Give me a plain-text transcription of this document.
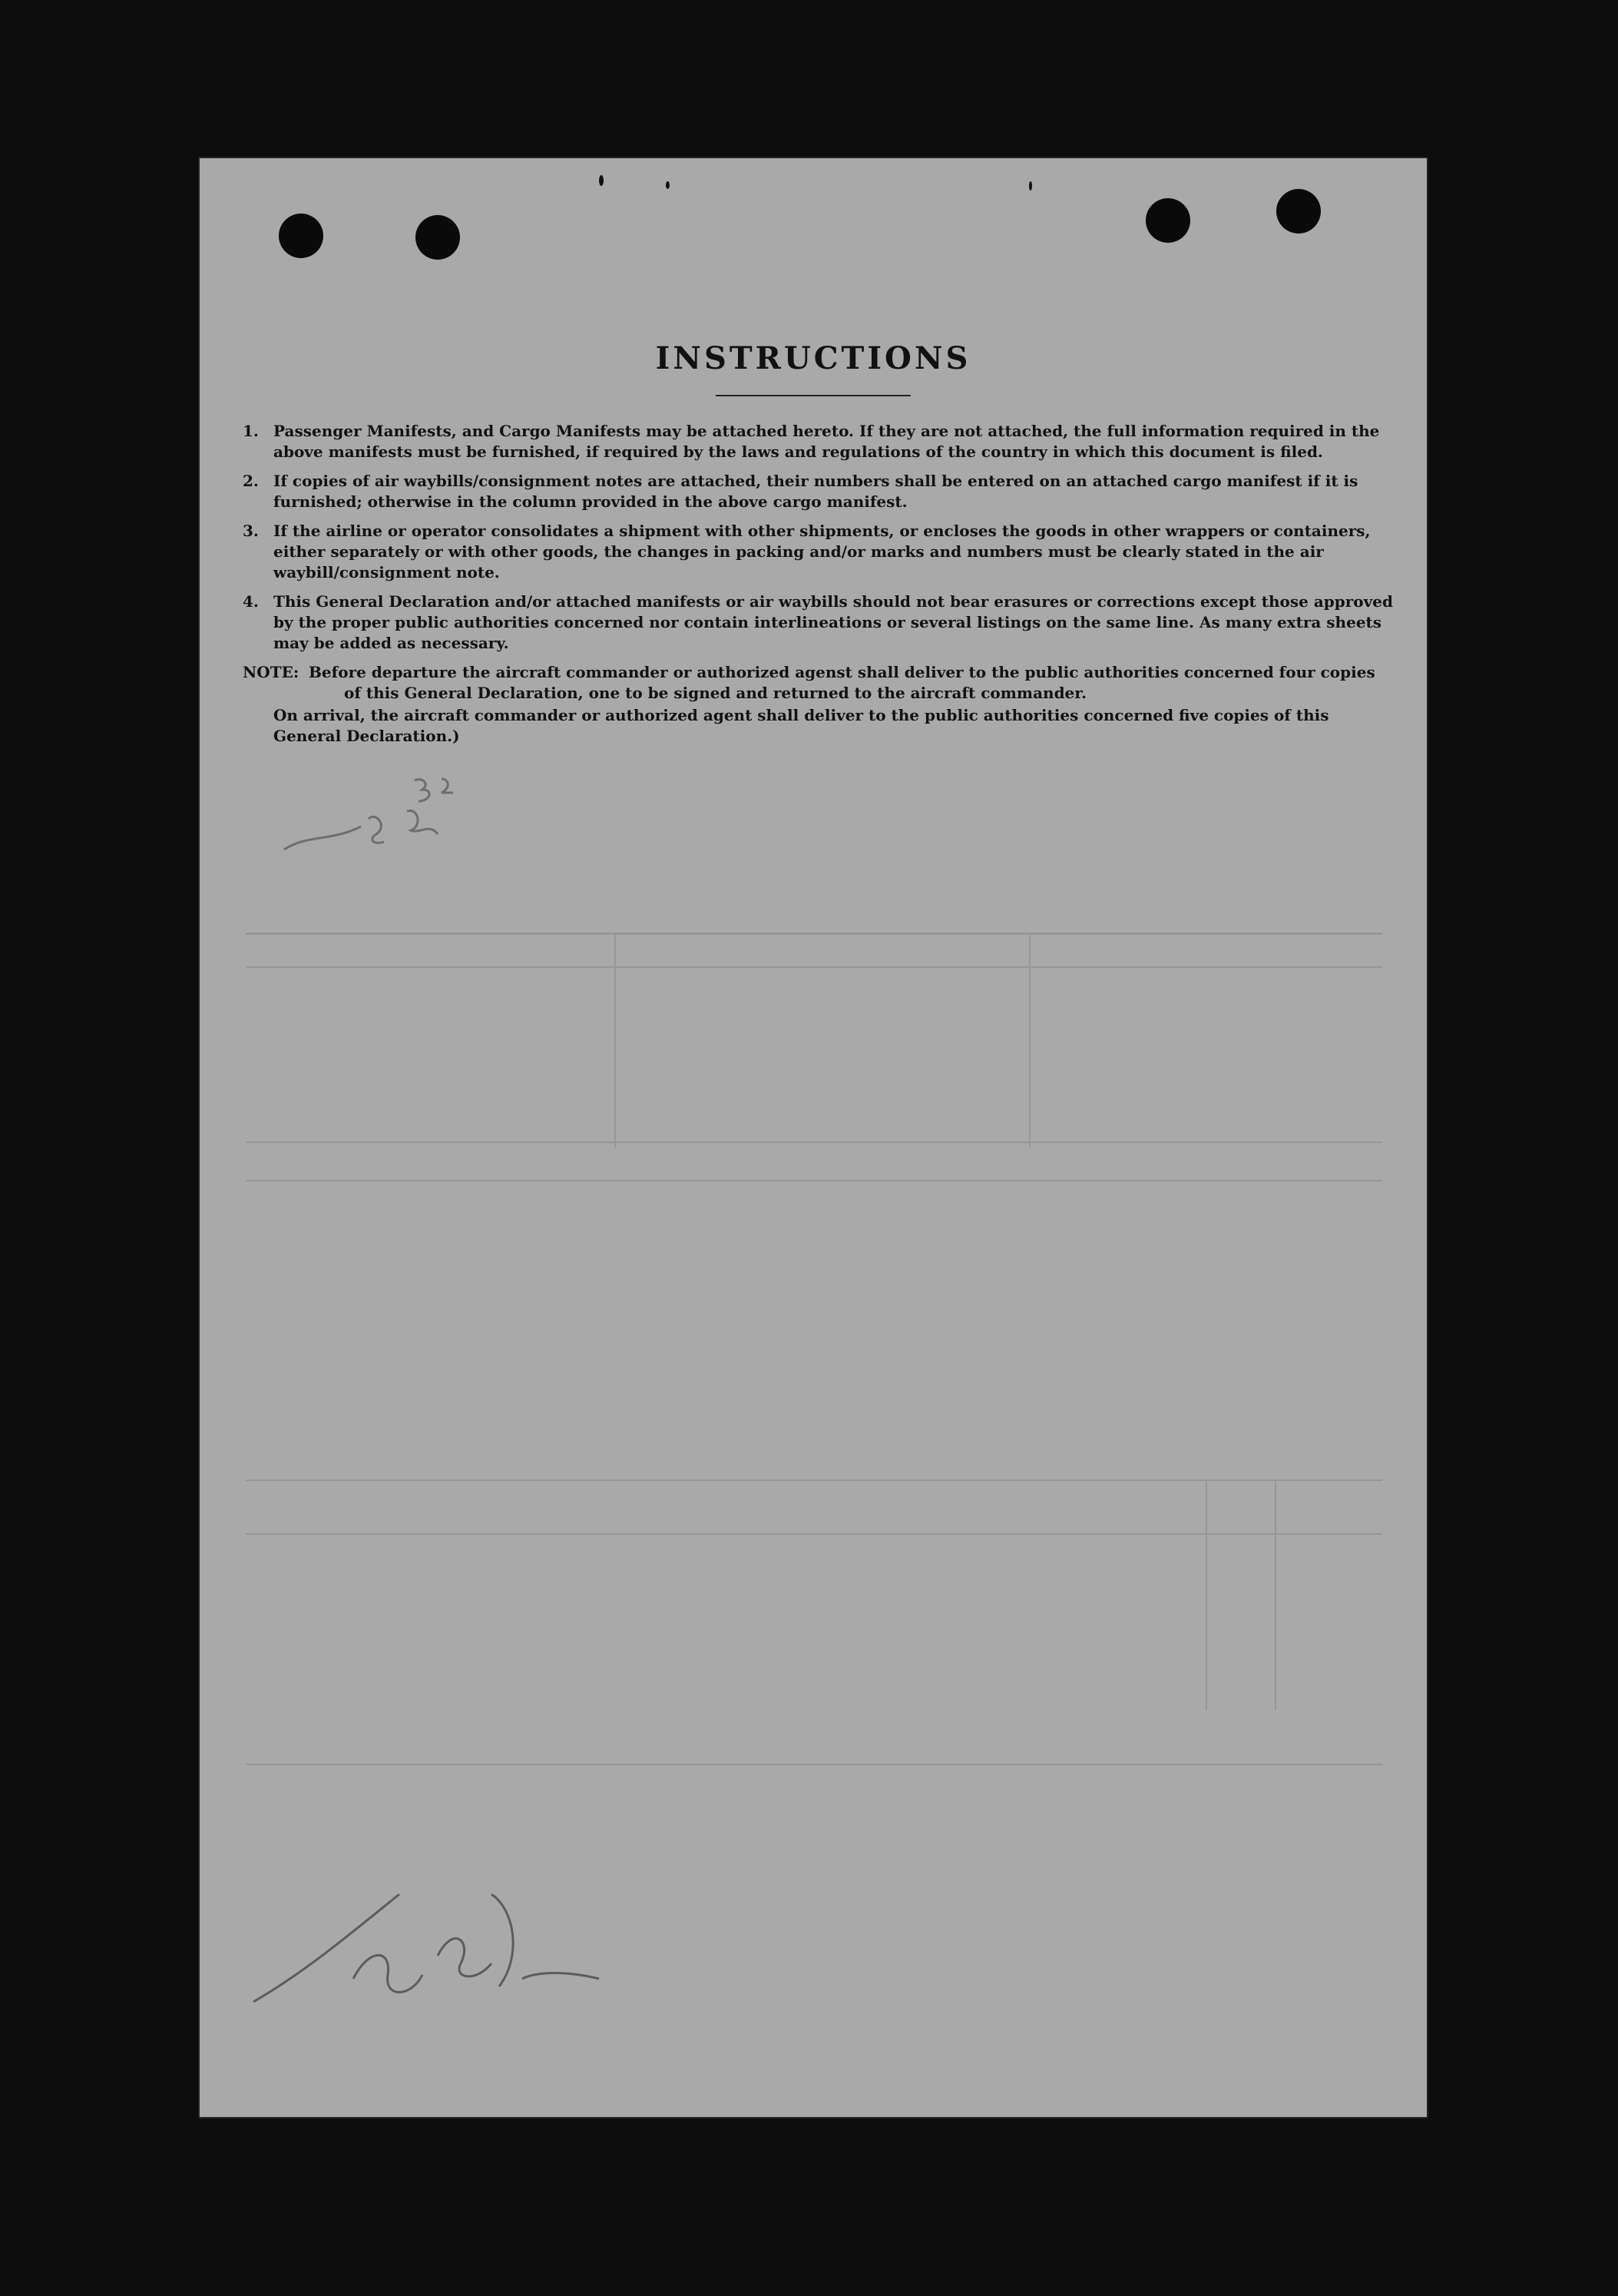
INSTRUCTIONS
1. Passenger Manifests, and Cargo Manifests may be attached hereto. If they are not attached, the full information required in the above manifests must be furnished, if required by the laws and regulations of the country in which this document is filed.
2. If copies of air waybills/consignment notes are attached, their numbers shall be entered on an attached cargo manifest if it is furnished; otherwise in the column provided in the above cargo manifest.
3. If the airline or operator consolidates a shipment with other shipments, or encloses the goods in other wrappers or containers, either separately or with other goods, the changes in packing and/or marks and numbers must be clearly stated in the air waybill/consignment note.
4. This General Declaration and/or attached manifests or air waybills should not bear erasures or corrections except those approved by the proper public authorities concerned nor contain interlineations or several listings on the same line. As many extra sheets may be added as necessary.
NOTE: Before departure the aircraft commander or authorized agenst shall deliver to the public authorities concerned four copies of this General Declaration, one to be signed and returned to the aircraft commander.

On arrival, the aircraft commander or authorized agent shall deliver to the public authorities concerned five copies of this General Declaration.)
